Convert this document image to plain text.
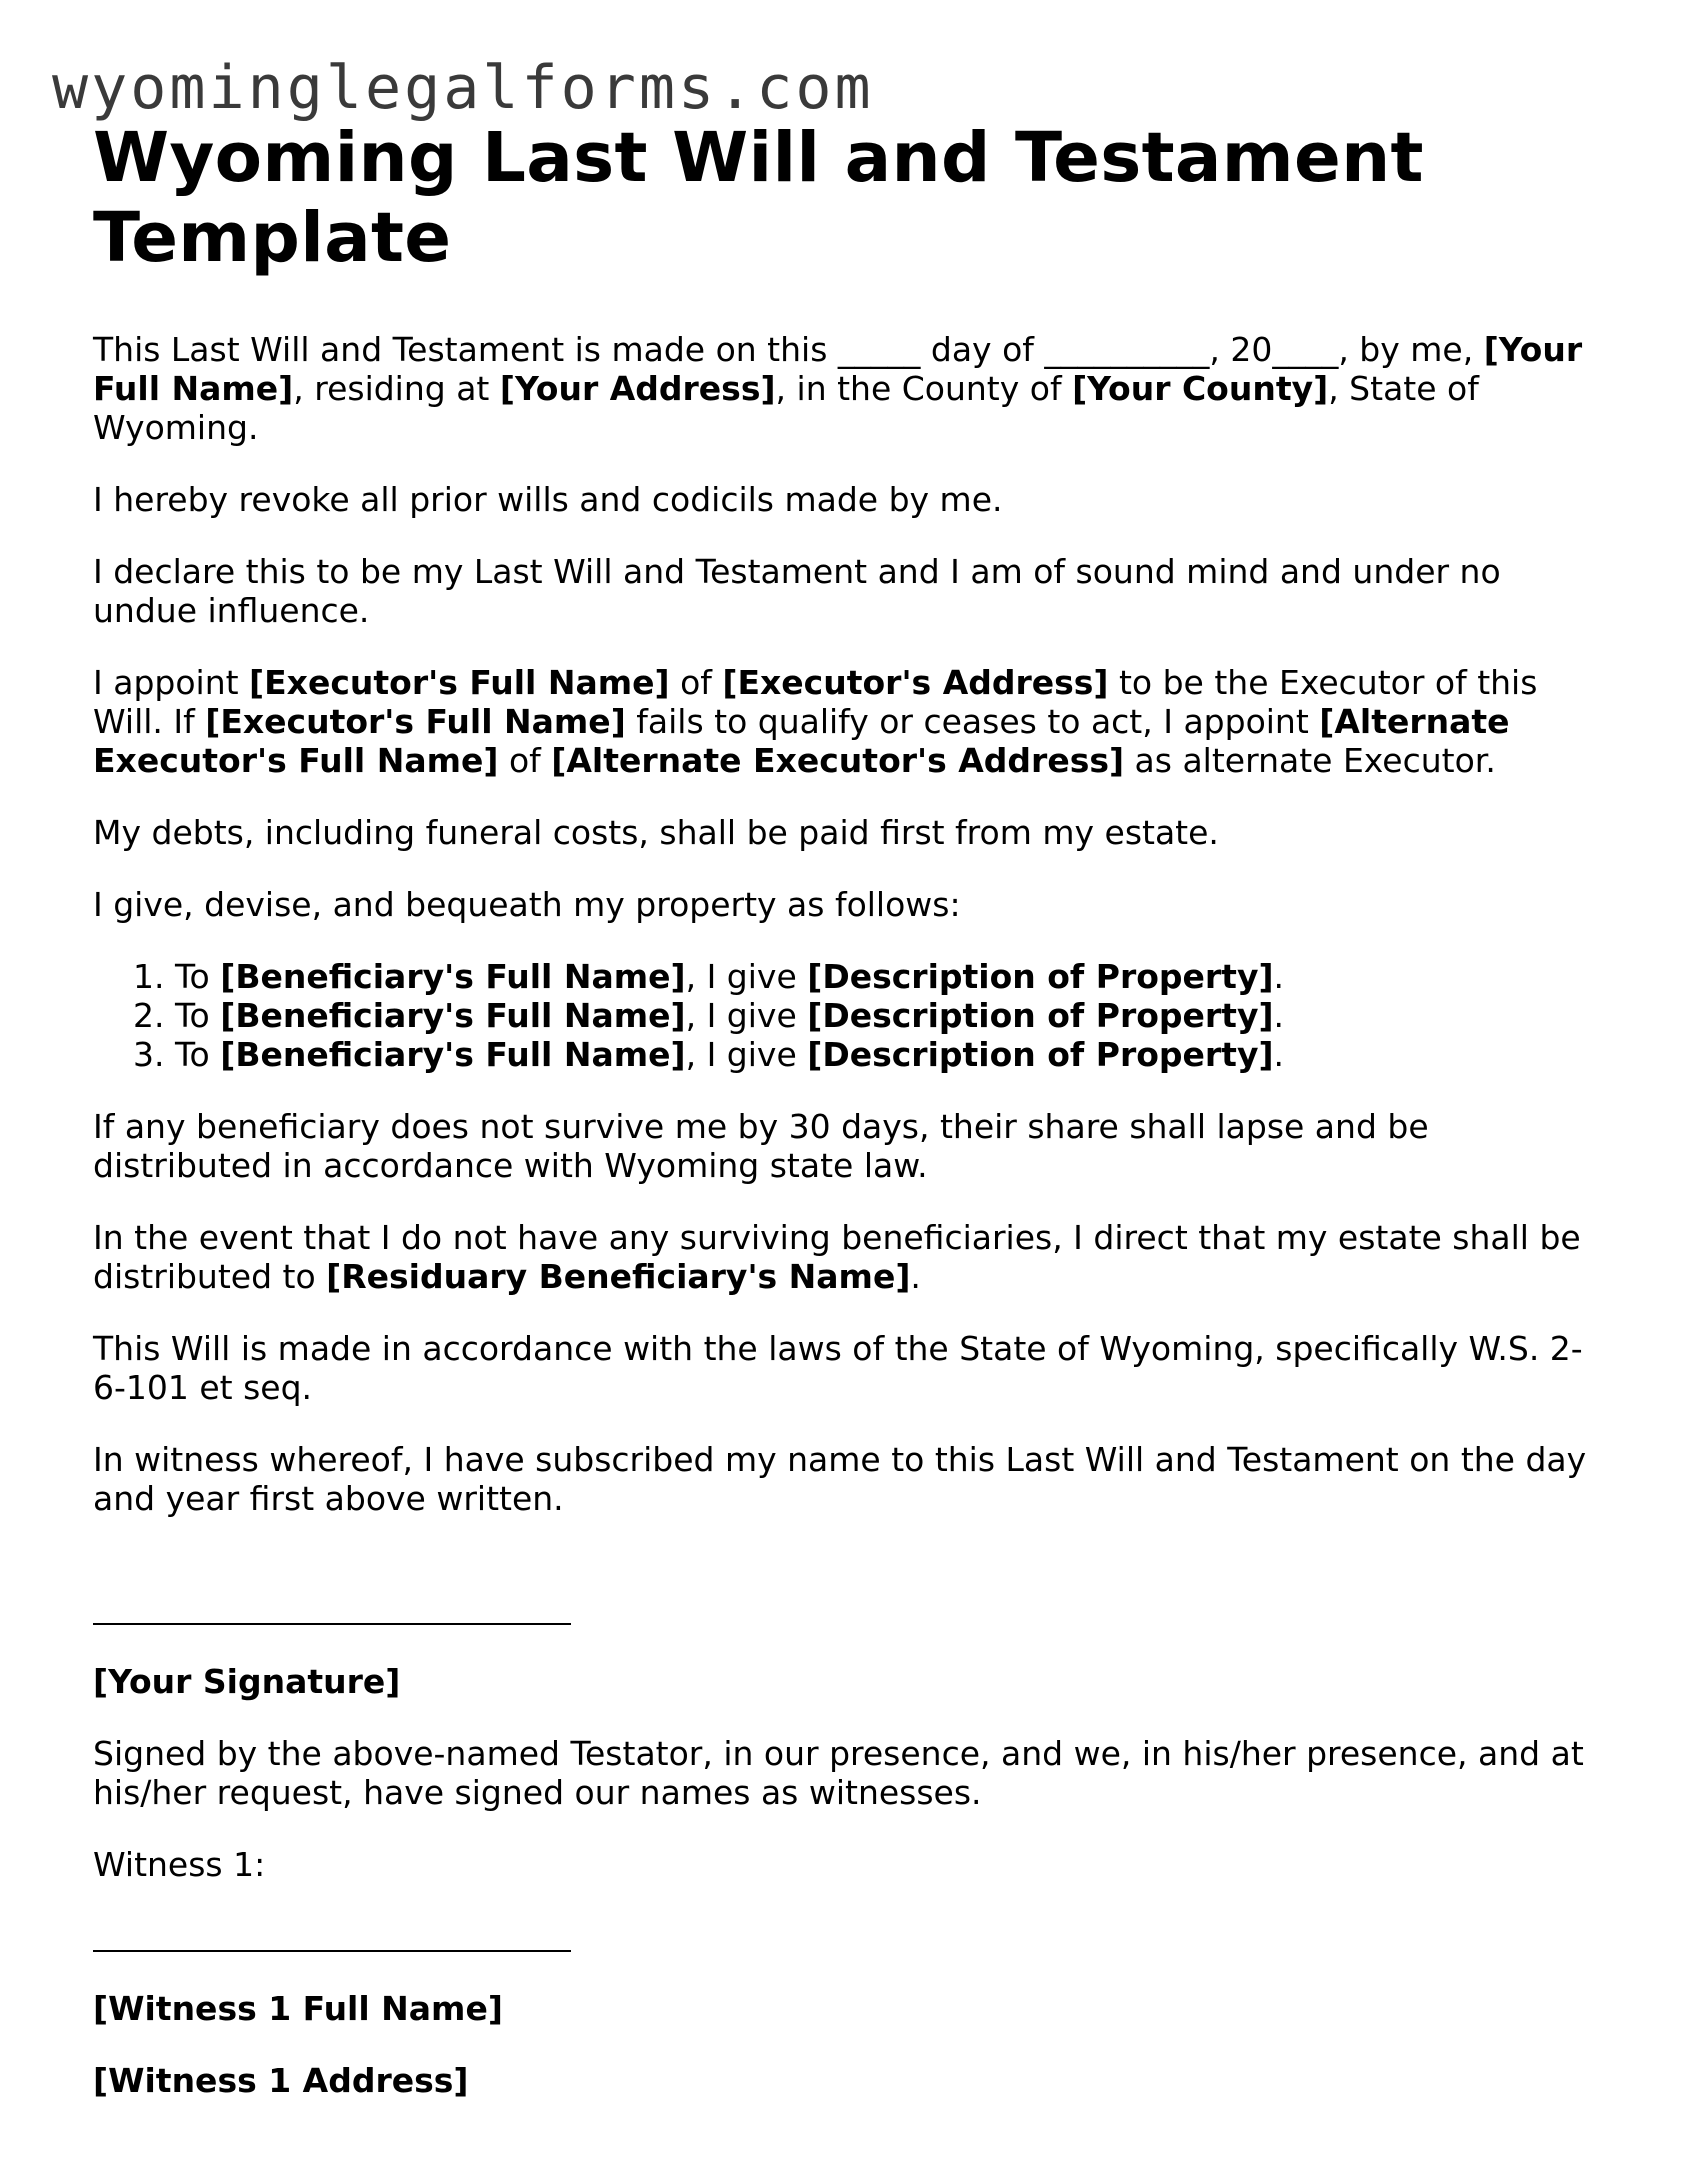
wyominglegalforms.com
Wyoming Last Will and Testament Template

This Last Will and Testament is made on this _____ day of __________, 20____, by me, [Your Full Name], residing at [Your Address], in the County of [Your County], State of Wyoming.

I hereby revoke all prior wills and codicils made by me.

I declare this to be my Last Will and Testament and I am of sound mind and under no undue influence.

I appoint [Executor's Full Name] of [Executor's Address] to be the Executor of this Will. If [Executor's Full Name] fails to qualify or ceases to act, I appoint [Alternate Executor's Full Name] of [Alternate Executor's Address] as alternate Executor.

My debts, including funeral costs, shall be paid first from my estate.

I give, devise, and bequeath my property as follows:

1. To [Beneficiary's Full Name], I give [Description of Property].
2. To [Beneficiary's Full Name], I give [Description of Property].
3. To [Beneficiary's Full Name], I give [Description of Property].

If any beneficiary does not survive me by 30 days, their share shall lapse and be distributed in accordance with Wyoming state law.

In the event that I do not have any surviving beneficiaries, I direct that my estate shall be distributed to [Residuary Beneficiary's Name].

This Will is made in accordance with the laws of the State of Wyoming, specifically W.S. 2-6-101 et seq.

In witness whereof, I have subscribed my name to this Last Will and Testament on the day and year first above written.

[Your Signature]

Signed by the above-named Testator, in our presence, and we, in his/her presence, and at his/her request, have signed our names as witnesses.

Witness 1:

[Witness 1 Full Name]

[Witness 1 Address]
